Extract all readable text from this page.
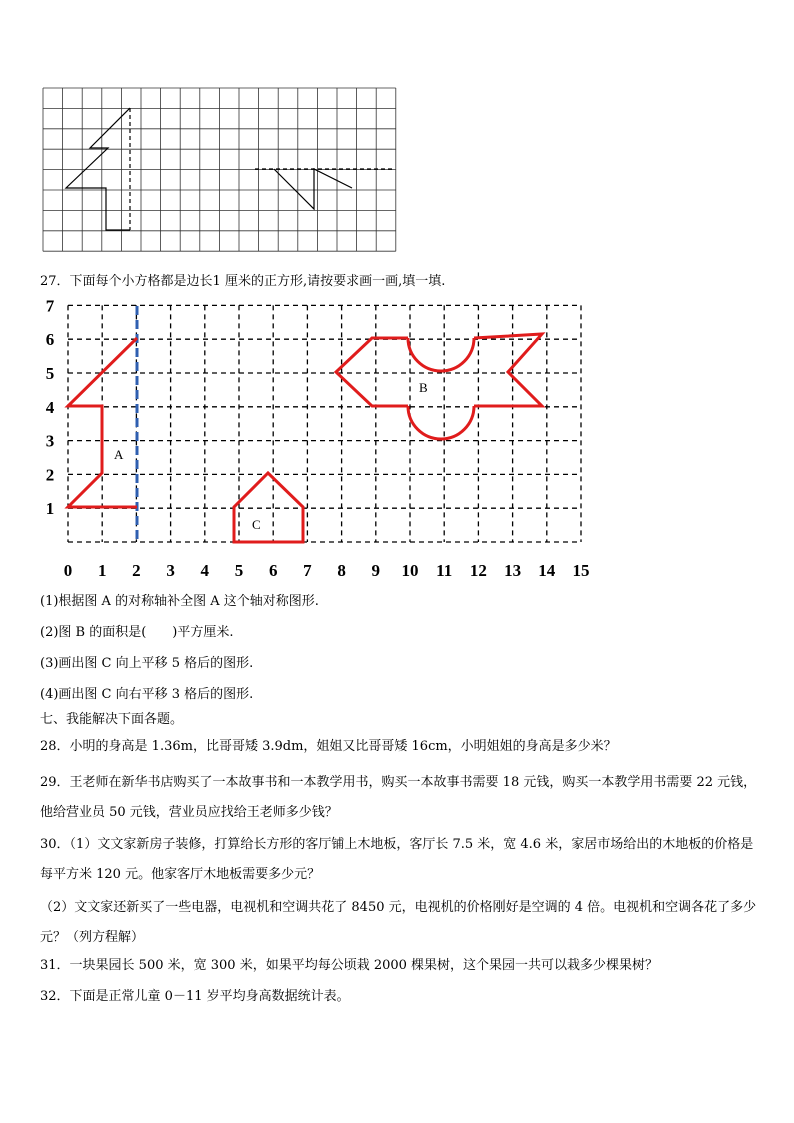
27．下面每个小方格都是边长1 厘米的正方形,请按要求画一画,填一填.
1
2
3
4
5
6
7
0 1 2 3 4 5 6 7 8 9 10 11 12 13 14 15
A
B
C
(1)根据图 A 的对称轴补全图 A 这个轴对称图形.
(2)图 B 的面积是(　　)平方厘米.
(3)画出图 C 向上平移 5 格后的图形.
(4)画出图 C 向右平移 3 格后的图形.
七、我能解决下面各题。
28．小明的身高是 1.36m，比哥哥矮 3.9dm，姐姐又比哥哥矮 16cm，小明姐姐的身高是多少米？
29．王老师在新华书店购买了一本故事书和一本教学用书，购买一本故事书需要 18 元钱，购买一本教学用书需要 22 元钱，他给营业员 50 元钱，营业员应找给王老师多少钱？
30．（1）文文家新房子装修，打算给长方形的客厅铺上木地板，客厅长 7.5 米，宽 4.6 米，家居市场给出的木地板的价格是每平方米 120 元。他家客厅木地板需要多少元？
（2）文文家还新买了一些电器，电视机和空调共花了 8450 元，电视机的价格刚好是空调的 4 倍。电视机和空调各花了多少元？（列方程解）
31．一块果园长 500 米，宽 300 米，如果平均每公顷栽 2000 棵果树，这个果园一共可以栽多少棵果树？
32．下面是正常儿童 0－11 岁平均身高数据统计表。
